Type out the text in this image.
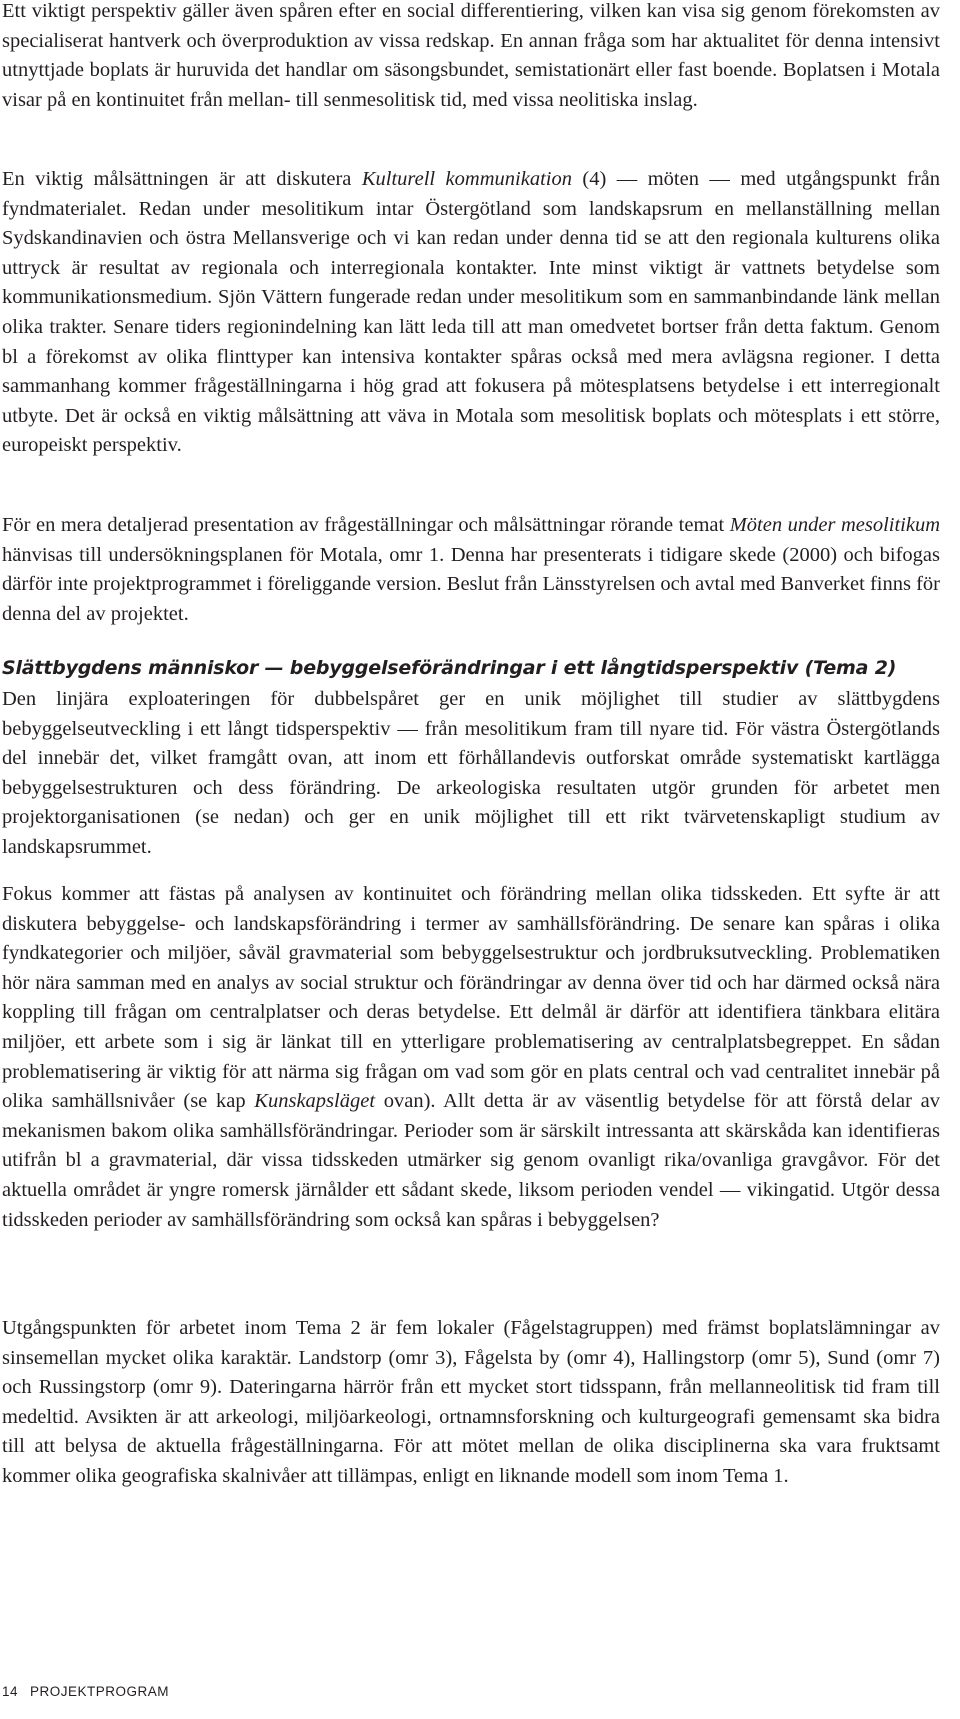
Ett viktigt perspektiv gäller även spåren efter en social differentiering, vilken kan visa sig genom förekomsten av specialiserat hantverk och överproduktion av vissa redskap. En annan fråga som har aktualitet för denna intensivt utnyttjade boplats är huruvida det handlar om säsongsbundet, semistationärt eller fast boende. Boplatsen i Motala visar på en kontinuitet från mellan- till senmesolitisk tid, med vissa neolitiska inslag.

En viktig målsättningen är att diskutera Kulturell kommunikation (4) — möten — med utgångspunkt från fyndmaterialet. Redan under mesolitikum intar Östergötland som landskapsrum en mellanställning mellan Sydskandinavien och östra Mellansverige och vi kan redan under denna tid se att den regionala kulturens olika uttryck är resultat av regionala och interregionala kontakter. Inte minst viktigt är vattnets betydelse som kommunikationsmedium. Sjön Vättern fungerade redan under mesolitikum som en sammanbindande länk mellan olika trakter. Senare tiders regionindelning kan lätt leda till att man omedvetet bortser från detta faktum. Genom bl a förekomst av olika flinttyper kan intensiva kontakter spåras också med mera avlägsna regioner. I detta sammanhang kommer frågeställningarna i hög grad att fokusera på mötesplatsens betydelse i ett interregionalt utbyte. Det är också en viktig målsättning att väva in Motala som mesolitisk boplats och mötesplats i ett större, europeiskt perspektiv.

För en mera detaljerad presentation av frågeställningar och målsättningar rörande temat Möten under mesolitikum hänvisas till undersökningsplanen för Motala, omr 1. Denna har presenterats i tidigare skede (2000) och bifogas därför inte projektprogrammet i föreliggande version. Beslut från Länsstyrelsen och avtal med Banverket finns för denna del av projektet.

Slättbygdens människor — bebyggelseförändringar i ett långtidsperspektiv (Tema 2)

Den linjära exploateringen för dubbelspåret ger en unik möjlighet till studier av slättbygdens bebyggelseutveckling i ett långt tidsperspektiv — från mesolitikum fram till nyare tid. För västra Östergötlands del innebär det, vilket framgått ovan, att inom ett förhållandevis outforskat område systematiskt kartlägga bebyggelsestrukturen och dess förändring. De arkeologiska resultaten utgör grunden för arbetet men projektorganisationen (se nedan) och ger en unik möjlighet till ett rikt tvärvetenskapligt studium av landskapsrummet.

Fokus kommer att fästas på analysen av kontinuitet och förändring mellan olika tidsskeden. Ett syfte är att diskutera bebyggelse- och landskapsförändring i termer av samhällsförändring. De senare kan spåras i olika fyndkategorier och miljöer, såväl gravmaterial som bebyggelsestruktur och jordbruksutveckling. Problematiken hör nära samman med en analys av social struktur och förändringar av denna över tid och har därmed också nära koppling till frågan om centralplatser och deras betydelse. Ett delmål är därför att identifiera tänkbara elitära miljöer, ett arbete som i sig är länkat till en ytterligare problematisering av centralplatsbegreppet. En sådan problematisering är viktig för att närma sig frågan om vad som gör en plats central och vad centralitet innebär på olika samhällsnivåer (se kap Kunskapsläget ovan). Allt detta är av väsentlig betydelse för att förstå delar av mekanismen bakom olika samhällsförändringar. Perioder som är särskilt intressanta att skärskåda kan identifieras utifrån bl a gravmaterial, där vissa tidsskeden utmärker sig genom ovanligt rika/ovanliga gravgåvor. För det aktuella området är yngre romersk järnålder ett sådant skede, liksom perioden vendel — vikingatid. Utgör dessa tidsskeden perioder av samhällsförändring som också kan spåras i bebyggelsen?

Utgångspunkten för arbetet inom Tema 2 är fem lokaler (Fågelstagruppen) med främst boplatslämningar av sinsemellan mycket olika karaktär. Landstorp (omr 3), Fågelsta by (omr 4), Hallingstorp (omr 5), Sund (omr 7) och Russingstorp (omr 9). Dateringarna härrör från ett mycket stort tidsspann, från mellanneolitisk tid fram till medeltid. Avsikten är att arkeologi, miljöarkeologi, ortnamnsforskning och kulturgeografi gemensamt ska bidra till att belysa de aktuella frågeställningarna. För att mötet mellan de olika disciplinerna ska vara fruktsamt kommer olika geografiska skalnivåer att tillämpas, enligt en liknande modell som inom Tema 1.

14 PROJEKTPROGRAM
